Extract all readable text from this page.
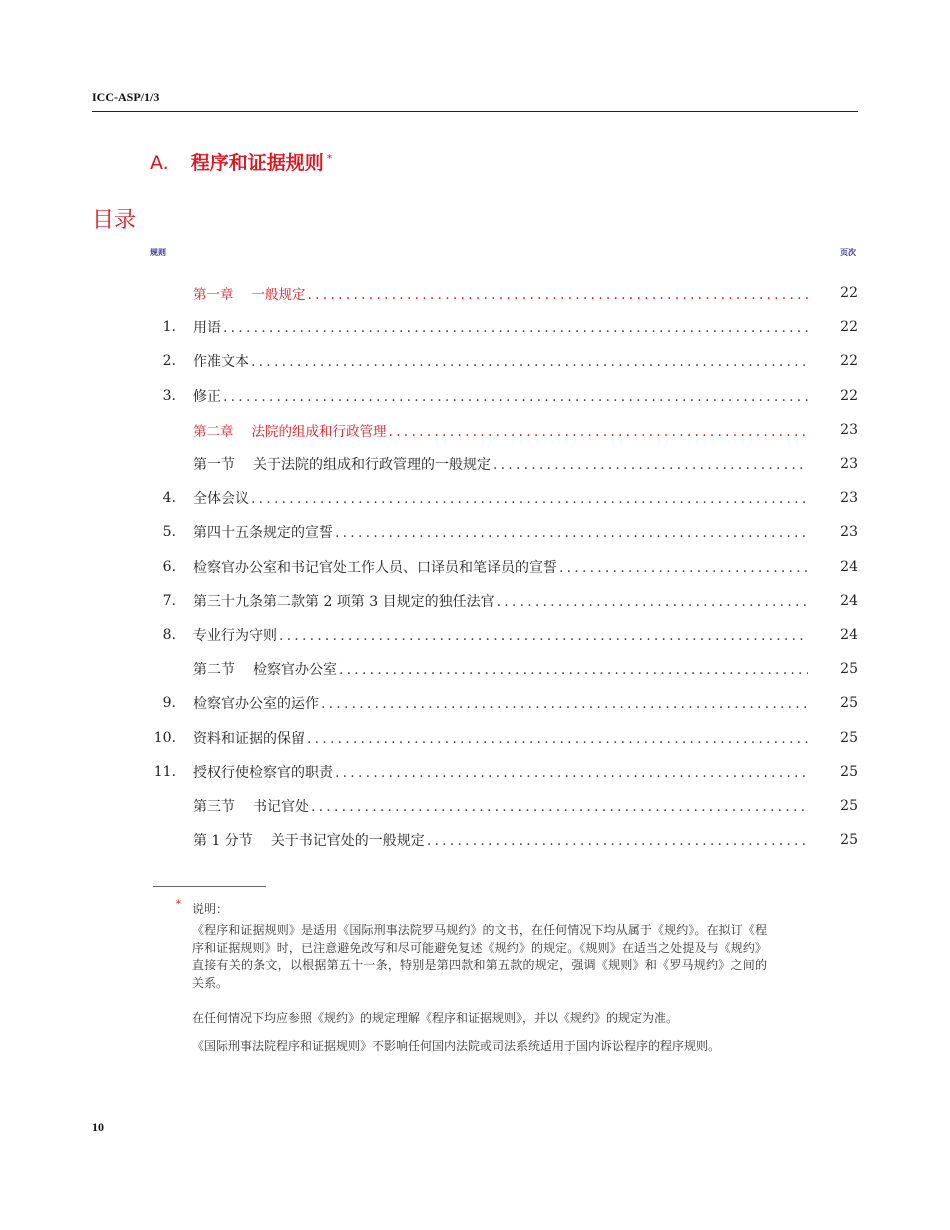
ICC-ASP/1/3
A. 程序和证据规则 *
目录
规则	页次
第一章 一般规定 .....	22
1. 用语 .....	22
2. 作准文本 .....	22
3. 修正 .....	22
第二章 法院的组成和行政管理 .....	23
第一节 关于法院的组成和行政管理的一般规定 .....	23
4. 全体会议 .....	23
5. 第四十五条规定的宣誓 .....	23
6. 检察官办公室和书记官处工作人员、口译员和笔译员的宣誓 .....	24
7. 第三十九条第二款第 2 项第 3 目规定的独任法官 .....	24
8. 专业行为守则 .....	24
第二节 检察官办公室 .....	25
9. 检察官办公室的运作 .....	25
10. 资料和证据的保留 .....	25
11. 授权行使检察官的职责 .....	25
第三节 书记官处 .....	25
第 1 分节 关于书记官处的一般规定 .....	25
* 说明：
《程序和证据规则》是适用《国际刑事法院罗马规约》的文书，在任何情况下均从属于《规约》。在拟订《程序和证据规则》时，已注意避免改写和尽可能避免复述《规约》的规定。《规则》在适当之处提及与《规约》直接有关的条文，以根据第五十一条，特别是第四款和第五款的规定，强调《规则》和《罗马规约》之间的关系。
在任何情况下均应参照《规约》的规定理解《程序和证据规则》，并以《规约》的规定为准。
《国际刑事法院程序和证据规则》不影响任何国内法院或司法系统适用于国内诉讼程序的程序规则。
10
